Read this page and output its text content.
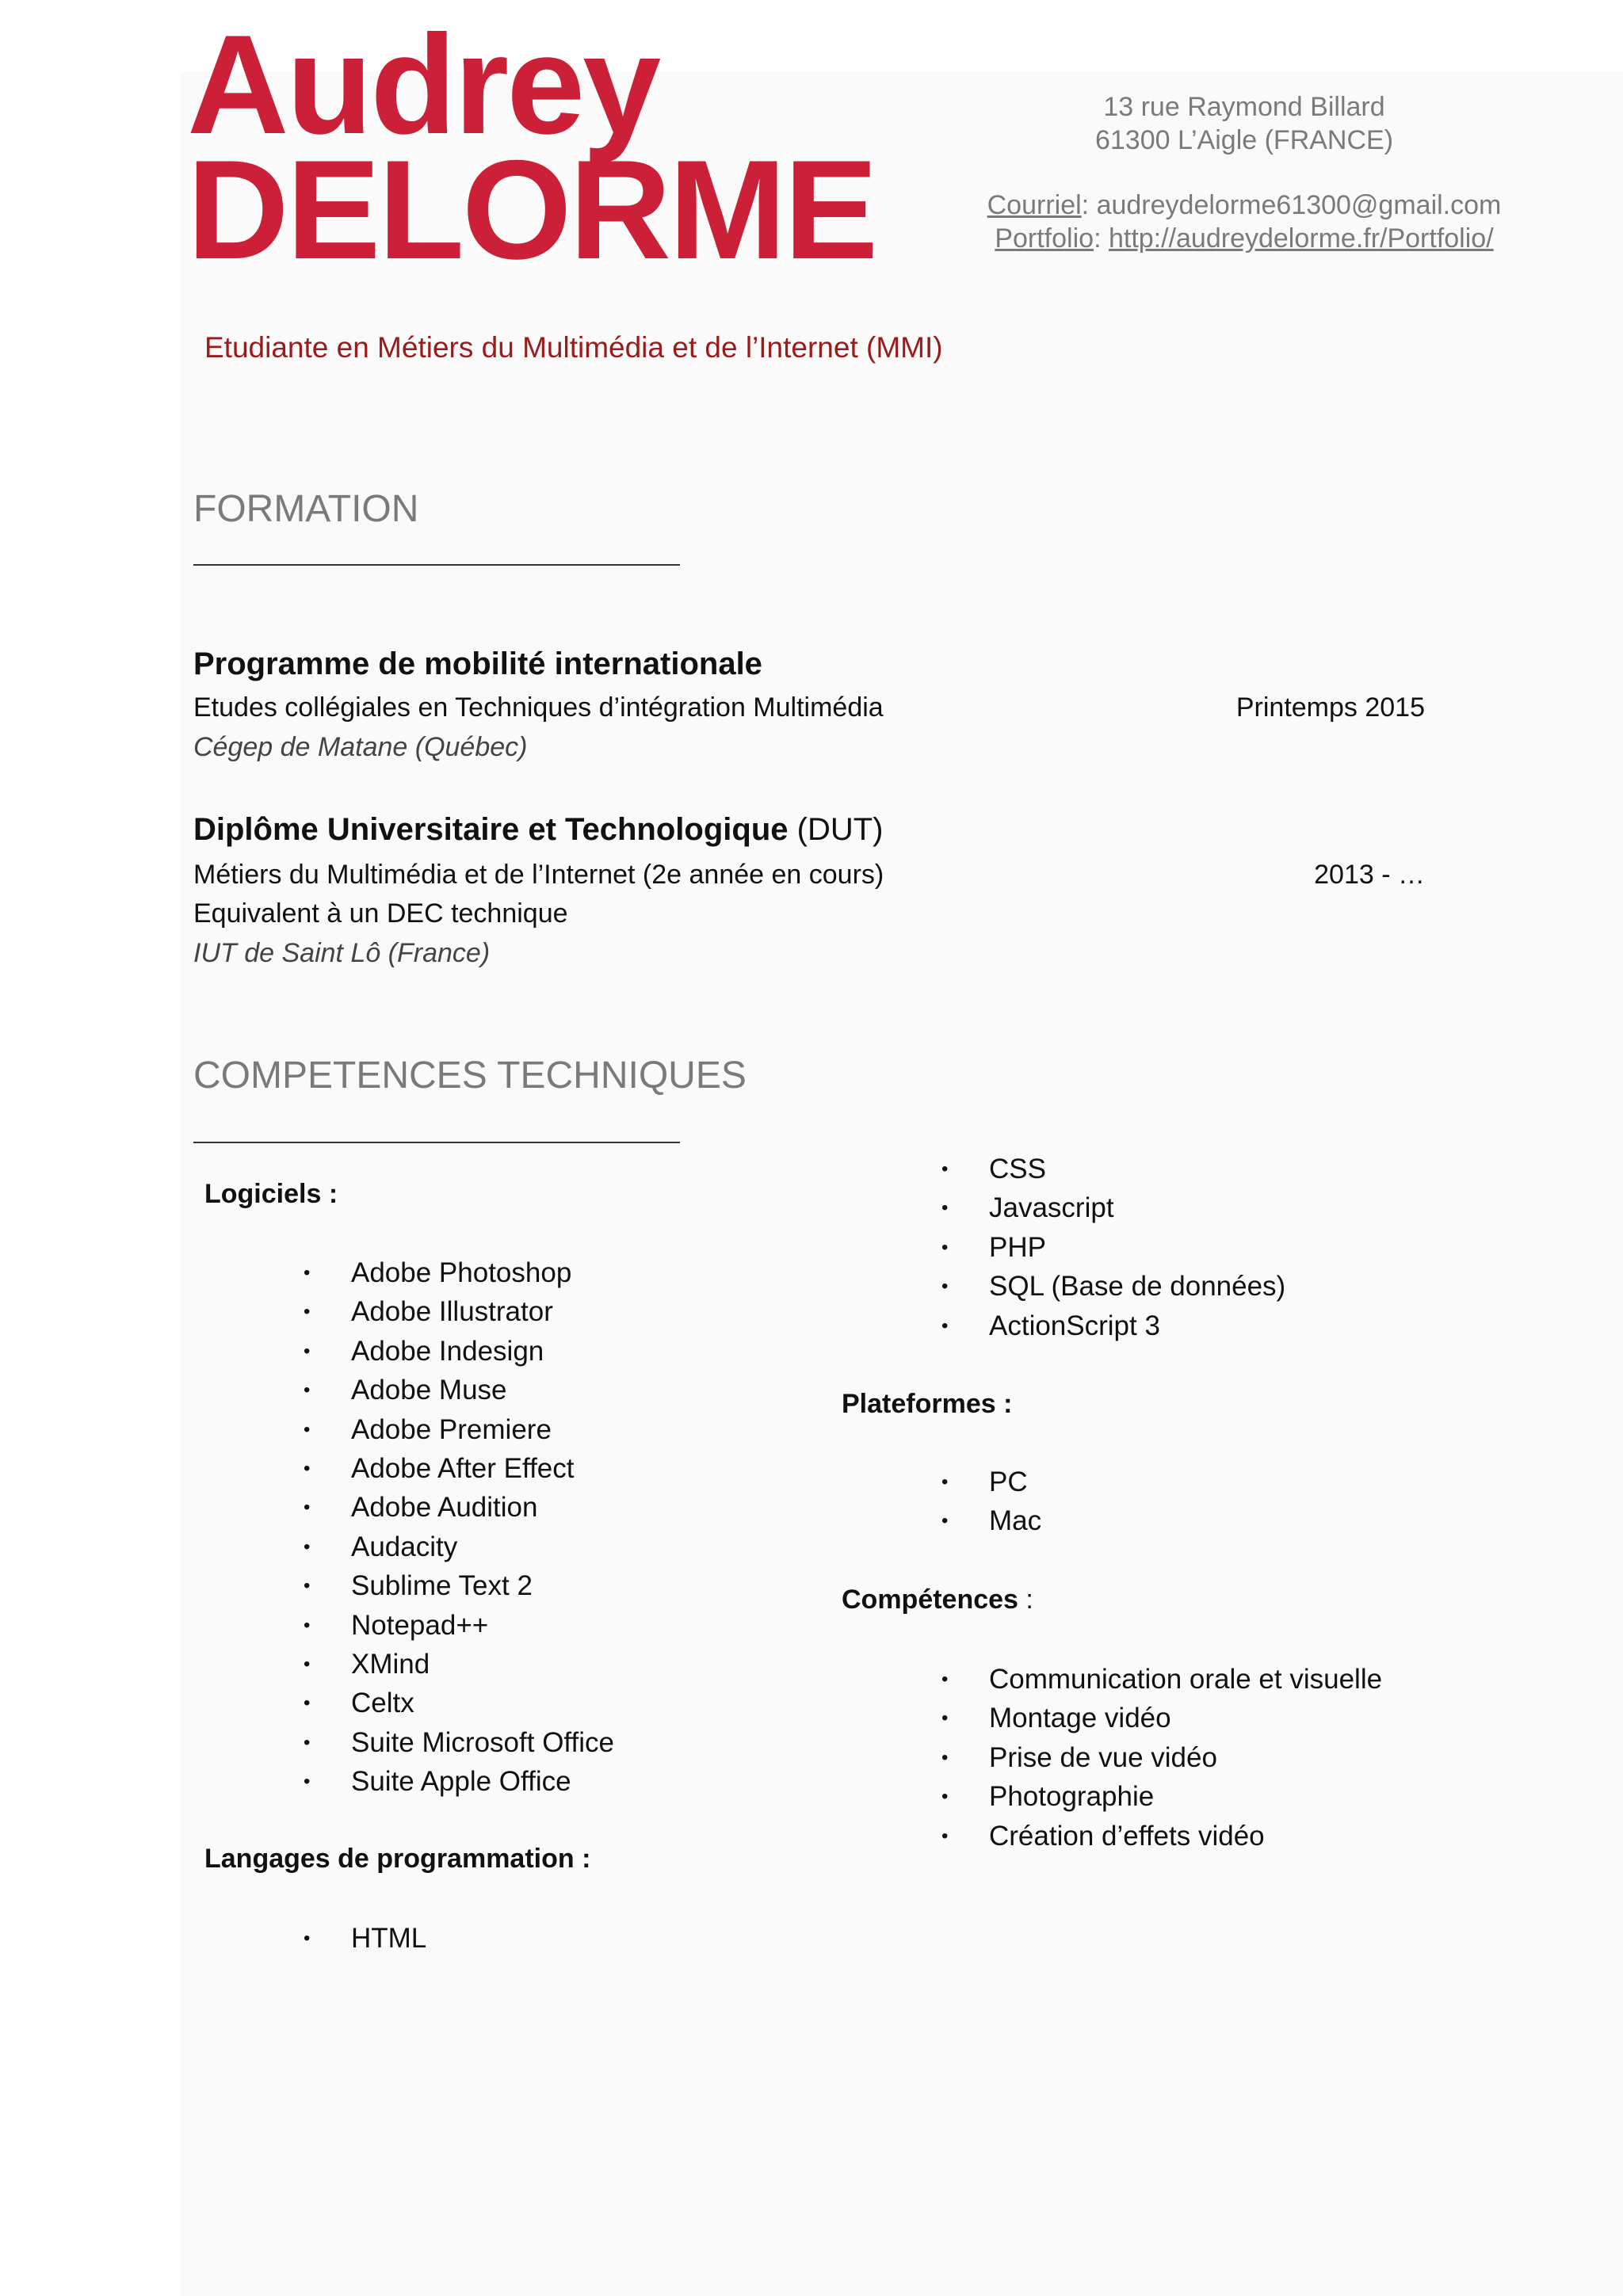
Audrey
DELORME
13 rue Raymond Billard
61300 L’Aigle (FRANCE)
Courriel: audreydelorme61300@gmail.com
Portfolio: http://audreydelorme.fr/Portfolio/
Etudiante en Métiers du Multimédia et de l’Internet (MMI)
FORMATION
Programme de mobilité internationale
Etudes collégiales en Techniques d’intégration Multimédia
Cégep de Matane (Québec)
Printemps 2015
Diplôme Universitaire et Technologique (DUT)
Métiers du Multimédia et de l’Internet (2e année en cours)
Equivalent à un DEC technique
IUT de Saint Lô (France)
2013 - …
COMPETENCES TECHNIQUES
Logiciels :
• Adobe Photoshop
• Adobe Illustrator
• Adobe Indesign
• Adobe Muse
• Adobe Premiere
• Adobe After Effect
• Adobe Audition
• Audacity
• Sublime Text 2
• Notepad++
• XMind
• Celtx
• Suite Microsoft Office
• Suite Apple Office
Langages de programmation :
• HTML
• CSS
• Javascript
• PHP
• SQL (Base de données)
• ActionScript 3
Plateformes :
• PC
• Mac
Compétences :
• Communication orale et visuelle
• Montage vidéo
• Prise de vue vidéo
• Photographie
• Création d’effets vidéo
